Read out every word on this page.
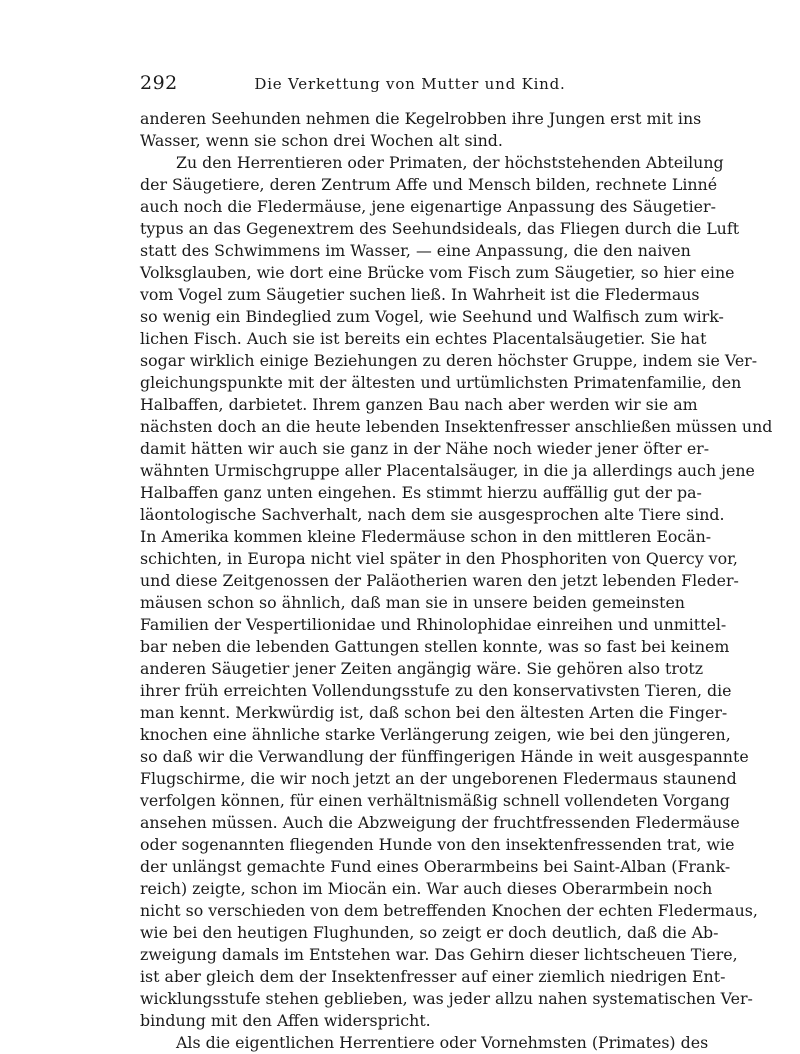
292	Die Verkettung von Mutter und Kind.
anderen Seehunden nehmen die Kegelrobben ihre Jungen erst mit ins
Wasser, wenn sie schon drei Wochen alt sind.
Zu den Herrentieren oder Primaten, der höchststehenden Abteilung
der Säugetiere, deren Zentrum Affe und Mensch bilden, rechnete Linné
auch noch die Fledermäuse, jene eigenartige Anpassung des Säugetier-
typus an das Gegenextrem des Seehundsideals, das Fliegen durch die Luft
statt des Schwimmens im Wasser, — eine Anpassung, die den naiven
Volksglauben, wie dort eine Brücke vom Fisch zum Säugetier, so hier eine
vom Vogel zum Säugetier suchen ließ. In Wahrheit ist die Fledermaus
so wenig ein Bindeglied zum Vogel, wie Seehund und Walfisch zum wirk-
lichen Fisch. Auch sie ist bereits ein echtes Placentalsäugetier. Sie hat
sogar wirklich einige Beziehungen zu deren höchster Gruppe, indem sie Ver-
gleichungspunkte mit der ältesten und urtümlichsten Primatenfamilie, den
Halbaffen, darbietet. Ihrem ganzen Bau nach aber werden wir sie am
nächsten doch an die heute lebenden Insektenfresser anschließen müssen und
damit hätten wir auch sie ganz in der Nähe noch wieder jener öfter er-
wähnten Urmischgruppe aller Placentalsäuger, in die ja allerdings auch jene
Halbaffen ganz unten eingehen. Es stimmt hierzu auffällig gut der pa-
läontologische Sachverhalt, nach dem sie ausgesprochen alte Tiere sind.
In Amerika kommen kleine Fledermäuse schon in den mittleren Eocän-
schichten, in Europa nicht viel später in den Phosphoriten von Quercy vor,
und diese Zeitgenossen der Paläotherien waren den jetzt lebenden Fleder-
mäusen schon so ähnlich, daß man sie in unsere beiden gemeinsten
Familien der Vespertilionidae und Rhinolophidae einreihen und unmittel-
bar neben die lebenden Gattungen stellen konnte, was so fast bei keinem
anderen Säugetier jener Zeiten angängig wäre. Sie gehören also trotz
ihrer früh erreichten Vollendungsstufe zu den konservativsten Tieren, die
man kennt. Merkwürdig ist, daß schon bei den ältesten Arten die Finger-
knochen eine ähnliche starke Verlängerung zeigen, wie bei den jüngeren,
so daß wir die Verwandlung der fünffingerigen Hände in weit ausgespannte
Flugschirme, die wir noch jetzt an der ungeborenen Fledermaus staunend
verfolgen können, für einen verhältnismäßig schnell vollendeten Vorgang
ansehen müssen. Auch die Abzweigung der fruchtfressenden Fledermäuse
oder sogenannten fliegenden Hunde von den insektenfressenden trat, wie
der unlängst gemachte Fund eines Oberarmbeins bei Saint-Alban (Frank-
reich) zeigte, schon im Miocän ein. War auch dieses Oberarmbein noch
nicht so verschieden von dem betreffenden Knochen der echten Fledermaus,
wie bei den heutigen Flughunden, so zeigt er doch deutlich, daß die Ab-
zweigung damals im Entstehen war. Das Gehirn dieser lichtscheuen Tiere,
ist aber gleich dem der Insektenfresser auf einer ziemlich niedrigen Ent-
wicklungsstufe stehen geblieben, was jeder allzu nahen systematischen Ver-
bindung mit den Affen widerspricht.
Als die eigentlichen Herrentiere oder Vornehmsten (Primates) des
